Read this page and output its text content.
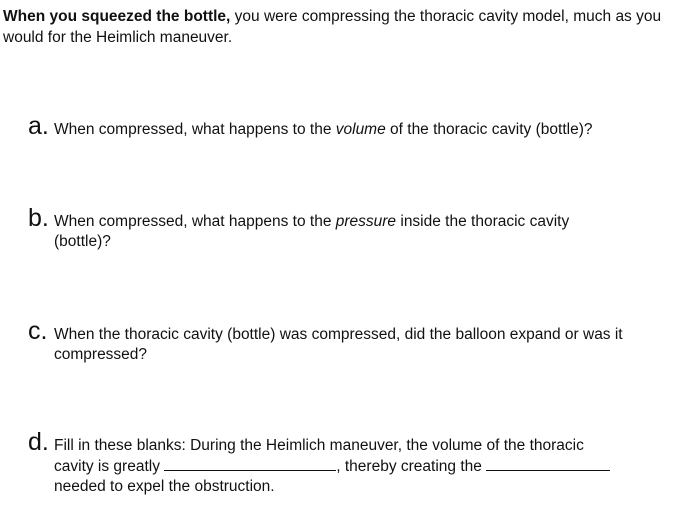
When you squeezed the bottle, you were compressing the thoracic cavity model, much as you would for the Heimlich maneuver.
a. When compressed, what happens to the volume of the thoracic cavity (bottle)?
b. When compressed, what happens to the pressure inside the thoracic cavity
(bottle)?
c. When the thoracic cavity (bottle) was compressed, did the balloon expand or was it
compressed?
d. Fill in these blanks: During the Heimlich maneuver, the volume of the thoracic
cavity is greatly	, thereby creating the
needed to expel the obstruction.
